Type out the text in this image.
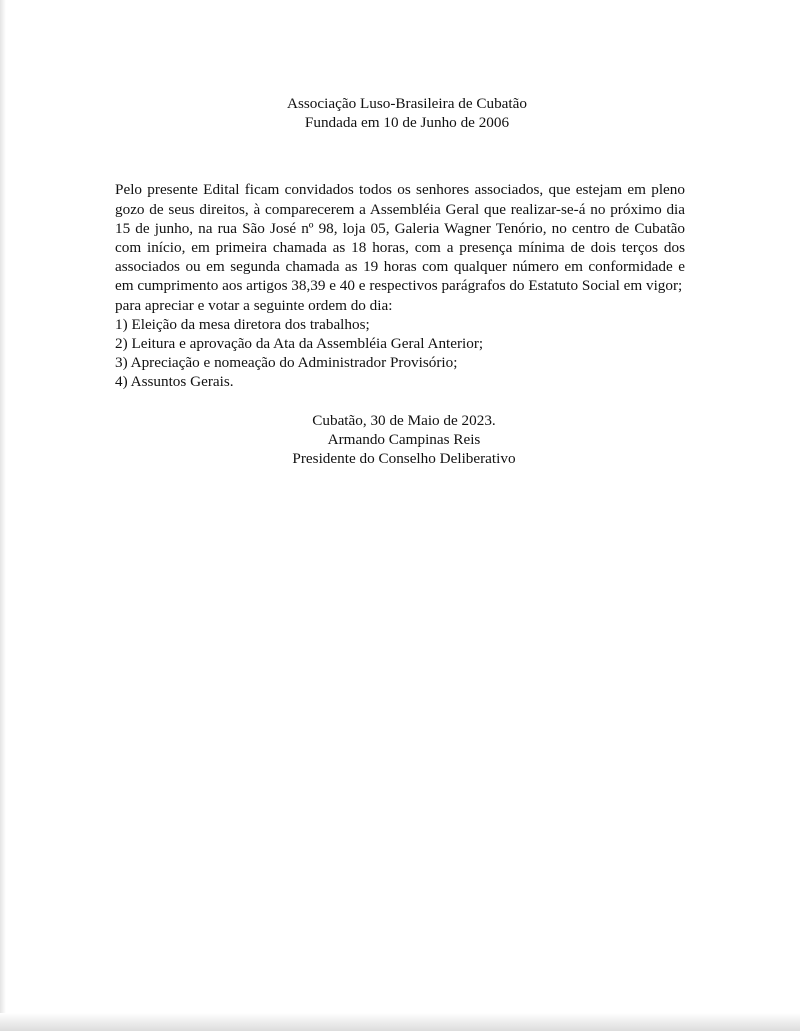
Associação Luso-Brasileira de Cubatão
Fundada em 10 de Junho de 2006

Pelo presente Edital ficam convidados todos os senhores associados, que estejam em pleno gozo de seus direitos, à comparecerem a Assembléia Geral que realizar-se-á no próximo dia 15 de junho, na rua São José nº 98, loja 05, Galeria Wagner Tenório, no centro de Cubatão com início, em primeira chamada as 18 horas, com a presença mínima de dois terços dos associados ou em segunda chamada as 19 horas com qualquer número em conformidade e em cumprimento aos artigos 38,39 e 40 e respectivos parágrafos do Estatuto Social em vigor;

para apreciar e votar a seguinte ordem do dia:
1) Eleição da mesa diretora dos trabalhos;
2) Leitura e aprovação da Ata da Assembléia Geral Anterior;
3) Apreciação e nomeação do Administrador Provisório;
4) Assuntos Gerais.
Cubatão, 30 de Maio de 2023.
Armando Campinas Reis
Presidente do Conselho Deliberativo
